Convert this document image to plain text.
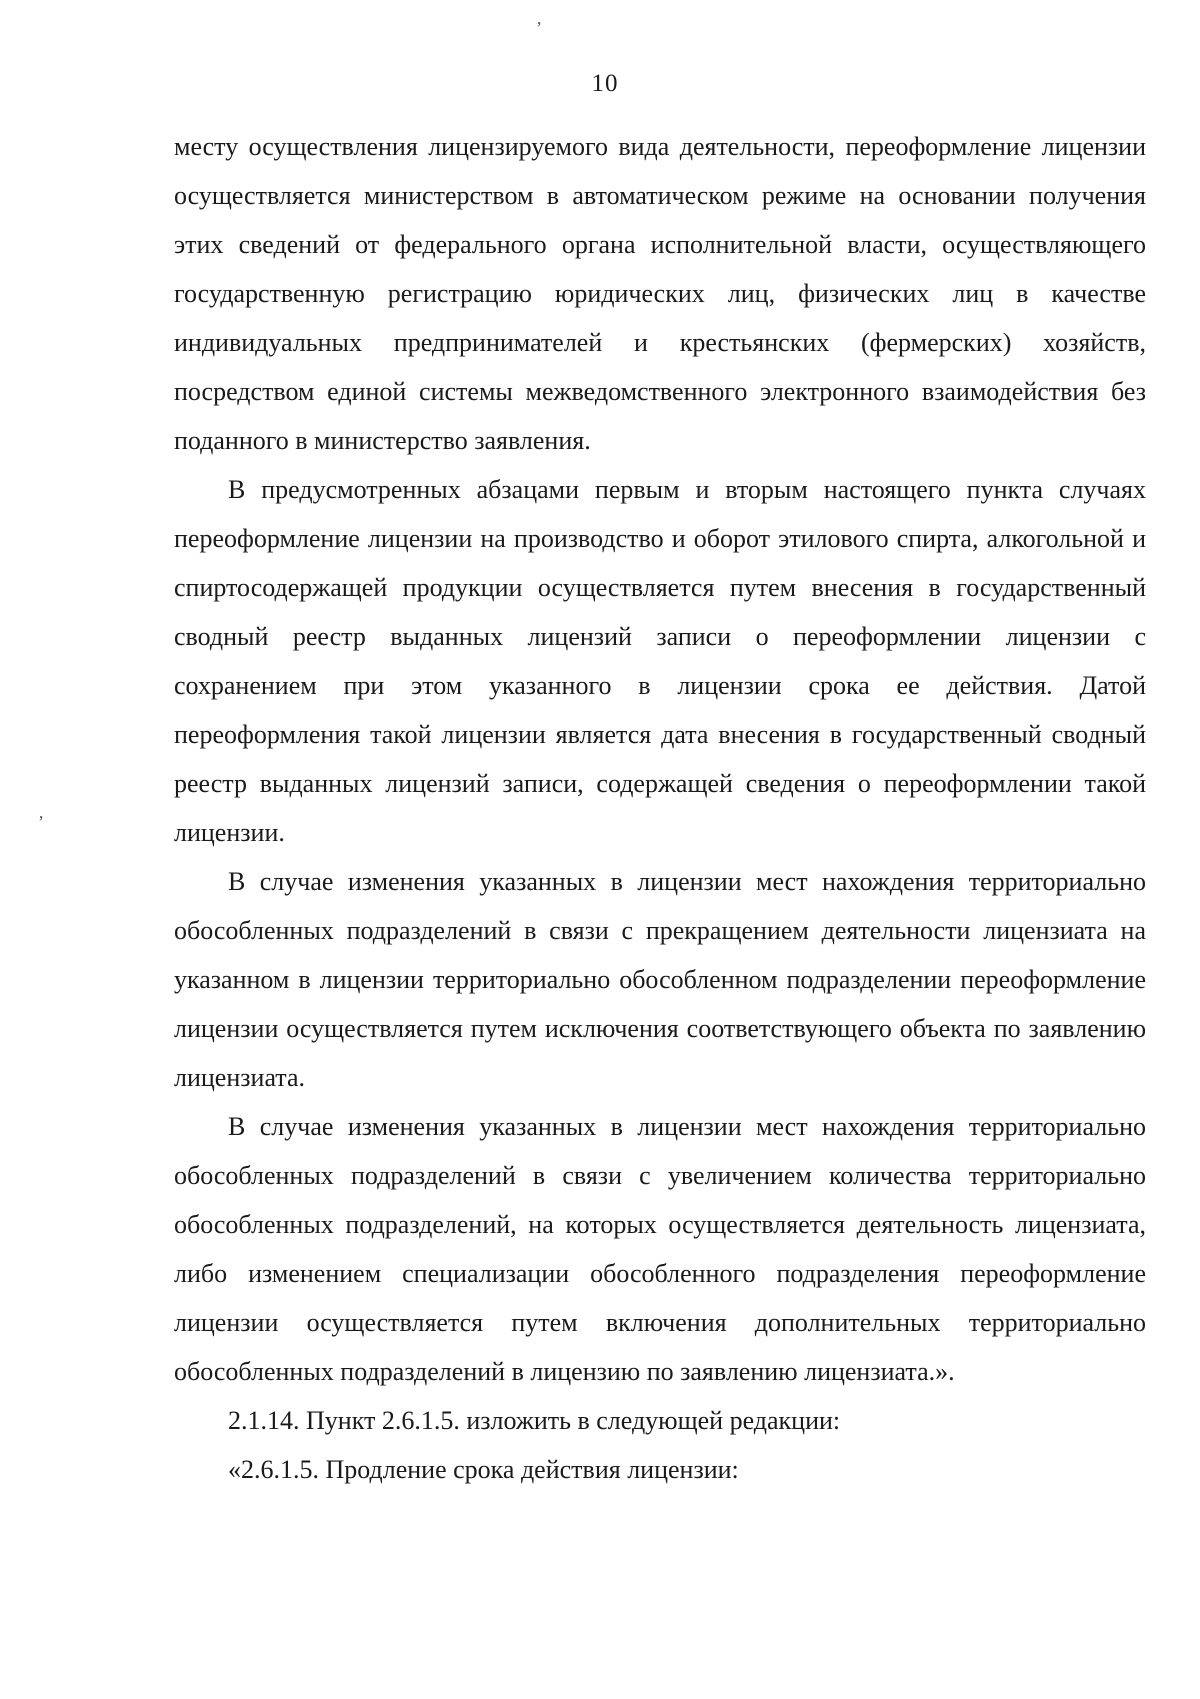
10

месту осуществления лицензируемого вида деятельности, переоформление лицензии осуществляется министерством в автоматическом режиме на основании получения этих сведений от федерального органа исполнительной власти, осуществляющего государственную регистрацию юридических лиц, физических лиц в качестве индивидуальных предпринимателей и крестьянских (фермерских) хозяйств, посредством единой системы межведомственного электронного взаимодействия без поданного в министерство заявления.

В предусмотренных абзацами первым и вторым настоящего пункта случаях переоформление лицензии на производство и оборот этилового спирта, алкогольной и спиртосодержащей продукции осуществляется путем внесения в государственный сводный реестр выданных лицензий записи о переоформлении лицензии с сохранением при этом указанного в лицензии срока ее действия. Датой переоформления такой лицензии является дата внесения в государственный сводный реестр выданных лицензий записи, содержащей сведения о переоформлении такой лицензии.

В случае изменения указанных в лицензии мест нахождения территориально обособленных подразделений в связи с прекращением деятельности лицензиата на указанном в лицензии территориально обособленном подразделении переоформление лицензии осуществляется путем исключения соответствующего объекта по заявлению лицензиата.

В случае изменения указанных в лицензии мест нахождения территориально обособленных подразделений в связи с увеличением количества территориально обособленных подразделений, на которых осуществляется деятельность лицензиата, либо изменением специализации обособленного подразделения переоформление лицензии осуществляется путем включения дополнительных территориально обособленных подразделений в лицензию по заявлению лицензиата.».

2.1.14. Пункт 2.6.1.5. изложить в следующей редакции:

«2.6.1.5. Продление срока действия лицензии:

ʼ
ʼ
